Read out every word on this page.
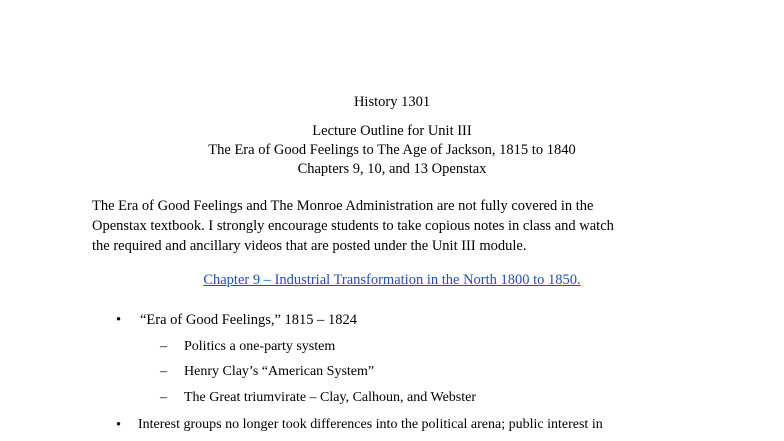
History 1301
Lecture Outline for Unit III
The Era of Good Feelings to The Age of Jackson, 1815 to 1840
Chapters 9, 10, and 13 Openstax
The Era of Good Feelings and The Monroe Administration are not fully covered in the
Openstax textbook. I strongly encourage students to take copious notes in class and watch
the required and ancillary videos that are posted under the Unit III module.
Chapter 9 – Industrial Transformation in the North 1800 to 1850.
• “Era of Good Feelings,” 1815 – 1824
– Politics a one-party system
– Henry Clay’s “American System”
– The Great triumvirate – Clay, Calhoun, and Webster
• Interest groups no longer took differences into the political arena; public interest in
